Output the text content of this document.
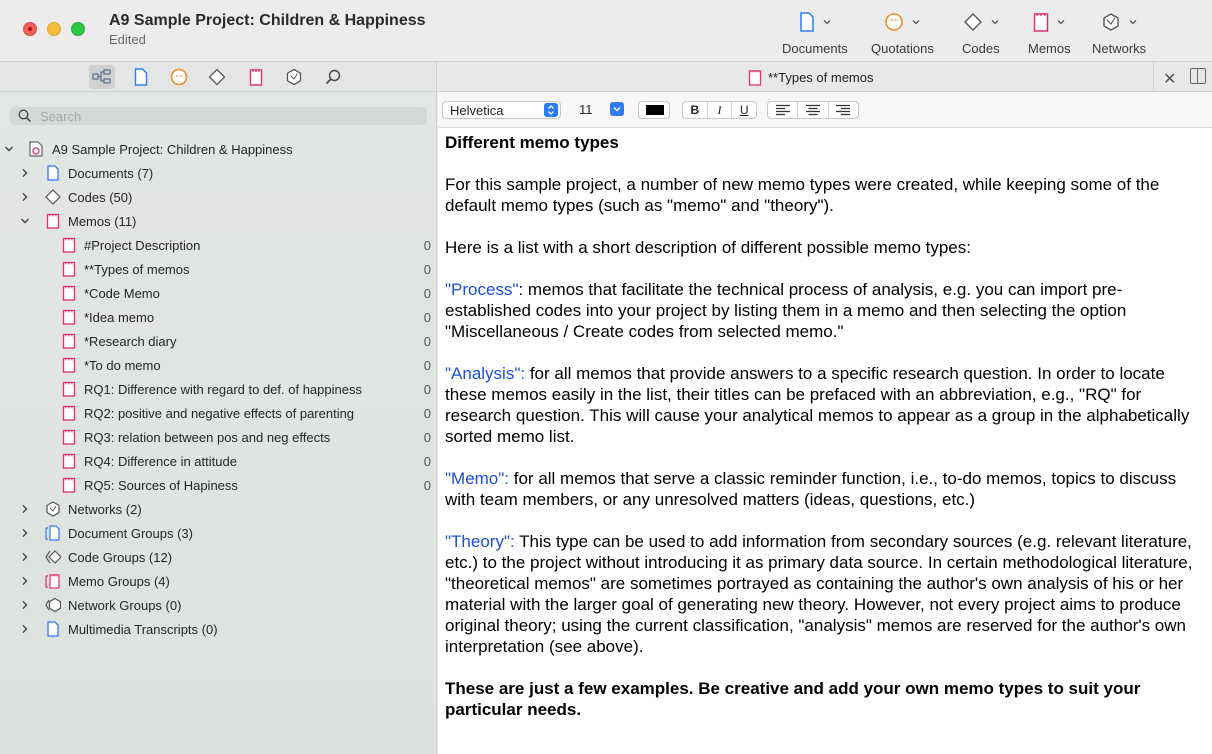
A9 Sample Project: Children & Happiness
Edited
Documents
“”
Quotations Codes Memos Networks
“”
Search
A9 Sample Project: Children & Happiness
Documents (7)
Codes (50)
Memos (11)
#Project Description	0
**Types of memos	0
*Code Memo	0
*Idea memo	0
*Research diary	0
*To do memo	0
RQ1: Difference with regard to def. of happiness	0
RQ2: positive and negative effects of parenting	0
RQ3: relation between pos and neg effects	0
RQ4: Difference in attitude	0
RQ5: Sources of Hapiness	0
Networks (2)
Document Groups (3)
Code Groups (12)
Memo Groups (4)
Network Groups (0)
Multimedia Transcripts (0)
**Types of memos	✕
Helvetica	11	B	I	U
Different memo types

For this sample project, a number of new memo types were created, while keeping some of the default memo types (such as "memo" and "theory").

Here is a list with a short description of different possible memo types:

"Process": memos that facilitate the technical process of analysis, e.g. you can import pre-established codes into your project by listing them in a memo and then selecting the option "Miscellaneous / Create codes from selected memo."

"Analysis": for all memos that provide answers to a specific research question. In order to locate these memos easily in the list, their titles can be prefaced with an abbreviation, e.g., "RQ" for research question. This will cause your analytical memos to appear as a group in the alphabetically sorted memo list.

"Memo": for all memos that serve a classic reminder function, i.e., to-do memos, topics to discuss with team members, or any unresolved matters (ideas, questions, etc.)

"Theory": This type can be used to add information from secondary sources (e.g. relevant literature, etc.) to the project without introducing it as primary data source. In certain methodological literature, "theoretical memos" are sometimes portrayed as containing the author's own analysis of his or her material with the larger goal of generating new theory. However, not every project aims to produce original theory; using the current classification, "analysis" memos are reserved for the author's own interpretation (see above).

These are just a few examples. Be creative and add your own memo types to suit your particular needs.
